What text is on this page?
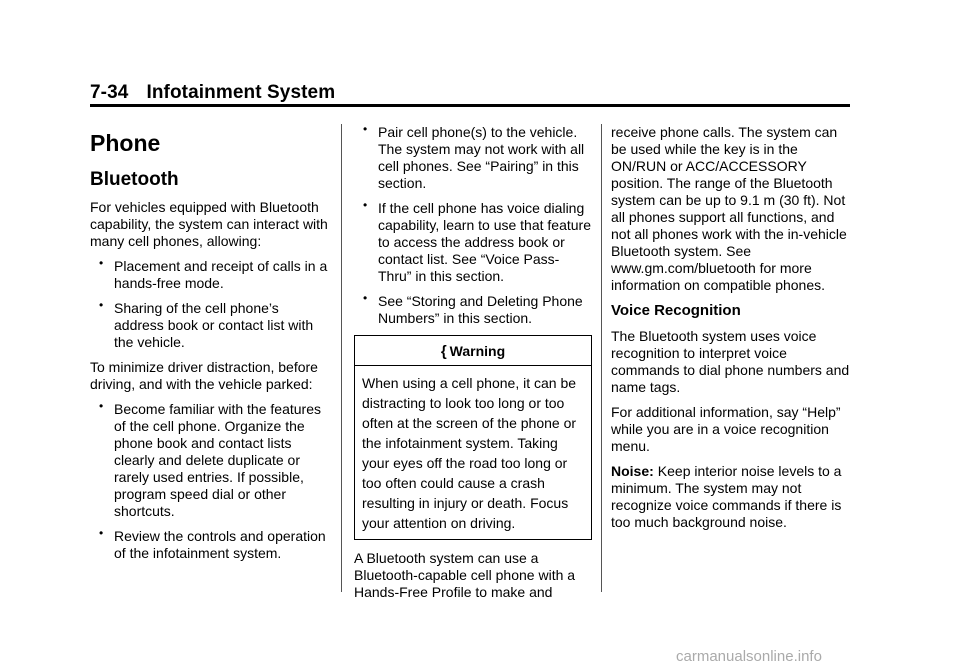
7-34 Infotainment System
Phone
Bluetooth

For vehicles equipped with Bluetooth capability, the system can interact with many cell phones, allowing:

• Placement and receipt of calls in a hands-free mode.
• Sharing of the cell phone’s address book or contact list with the vehicle.

To minimize driver distraction, before driving, and with the vehicle parked:

• Become familiar with the features of the cell phone. Organize the phone book and contact lists clearly and delete duplicate or rarely used entries. If possible, program speed dial or other shortcuts.
• Review the controls and operation of the infotainment system.
• Pair cell phone(s) to the vehicle. The system may not work with all cell phones. See “Pairing” in this section.
• If the cell phone has voice dialing capability, learn to use that feature to access the address book or contact list. See “Voice Pass-Thru” in this section.
• See “Storing and Deleting Phone Numbers” in this section.
{ Warning
When using a cell phone, it can be distracting to look too long or too often at the screen of the phone or the infotainment system. Taking your eyes off the road too long or too often could cause a crash resulting in injury or death. Focus your attention on driving.

A Bluetooth system can use a Bluetooth-capable cell phone with a Hands-Free Profile to make and

receive phone calls. The system can be used while the key is in the ON/RUN or ACC/ACCESSORY position. The range of the Bluetooth system can be up to 9.1 m (30 ft). Not all phones support all functions, and not all phones work with the in-vehicle Bluetooth system. See www.gm.com/bluetooth for more information on compatible phones.

Voice Recognition

The Bluetooth system uses voice recognition to interpret voice commands to dial phone numbers and name tags.

For additional information, say “Help” while you are in a voice recognition menu.

Noise: Keep interior noise levels to a minimum. The system may not recognize voice commands if there is too much background noise.

carmanualsonline.info
